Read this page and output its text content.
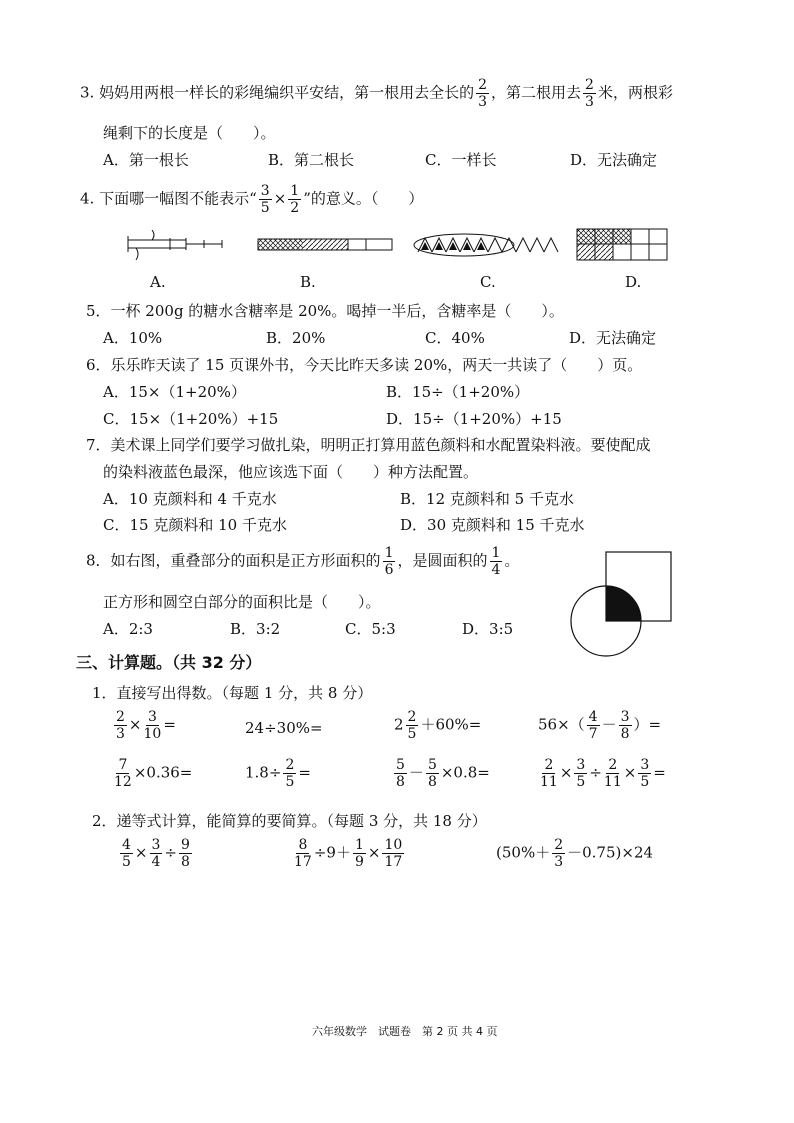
3. 妈妈用两根一样长的彩绳编织平安结，第一根用去全长的 $\frac{2}{3}$ ，第二根用去 $\frac{2}{3}$ 米，两根彩
绳剩下的长度是（　　）。
A．第一根长	B．第二根长	C．一样长	D．无法确定
4. 下面哪一幅图不能表示“ $\frac{3}{5} \times \frac{1}{2}$ ”的意义。（　　）
A.	B.	C.	D.
5．一杯 200g 的糖水含糖率是 20%。喝掉一半后，含糖率是（　　）。
A．10%	B．20%	C．40%	D．无法确定
6．乐乐昨天读了 15 页课外书，今天比昨天多读 20%，两天一共读了（　　）页。
A．15×（1+20%）	B．15÷（1+20%）
C．15×（1+20%）+15	D．15÷（1+20%）+15
7．美术课上同学们要学习做扎染，明明正打算用蓝色颜料和水配置染料液。要使配成
的染料液蓝色最深，他应该选下面（　　）种方法配置。
A．10 克颜料和 4 千克水	B．12 克颜料和 5 千克水
C．15 克颜料和 10 千克水	D．30 克颜料和 15 千克水
8．如右图，重叠部分的面积是正方形面积的 $\frac{1}{6}$ ，是圆面积的 $\frac{1}{4}$ 。
正方形和圆空白部分的面积比是（　　）。
A．2:3	B．3:2	C．5:3	D．3:5
三、计算题。（共 32 分）
1．直接写出得数。（每题 1 分，共 8 分）
$\frac{2}{3} \times \frac{3}{10}$ =	24÷30%=	$2 \frac{2}{5} +60\%=$	$56\times( \frac{4}{7} - \frac{3}{8}$ ）=
$\frac{7}{12} \times 0.36=$	$1.8\div \frac{2}{5}$ =	$\frac{5}{8} - \frac{5}{8} \times 0.8=$	$\frac{2}{11} \times \frac{3}{5} \div \frac{2}{11} \times \frac{3}{5}$ =
2．递等式计算，能简算的要简算。（每题 3 分，共 18 分）
$\frac{4}{5} \times \frac{3}{4} \div \frac{9}{8}$	$\frac{8}{17} \div 9+ \frac{1}{9} \times \frac{10}{17}$	$(50\%+ \frac{2}{3} -0.75)\times 24$
六年级数学　试题卷　第 2 页 共 4 页
